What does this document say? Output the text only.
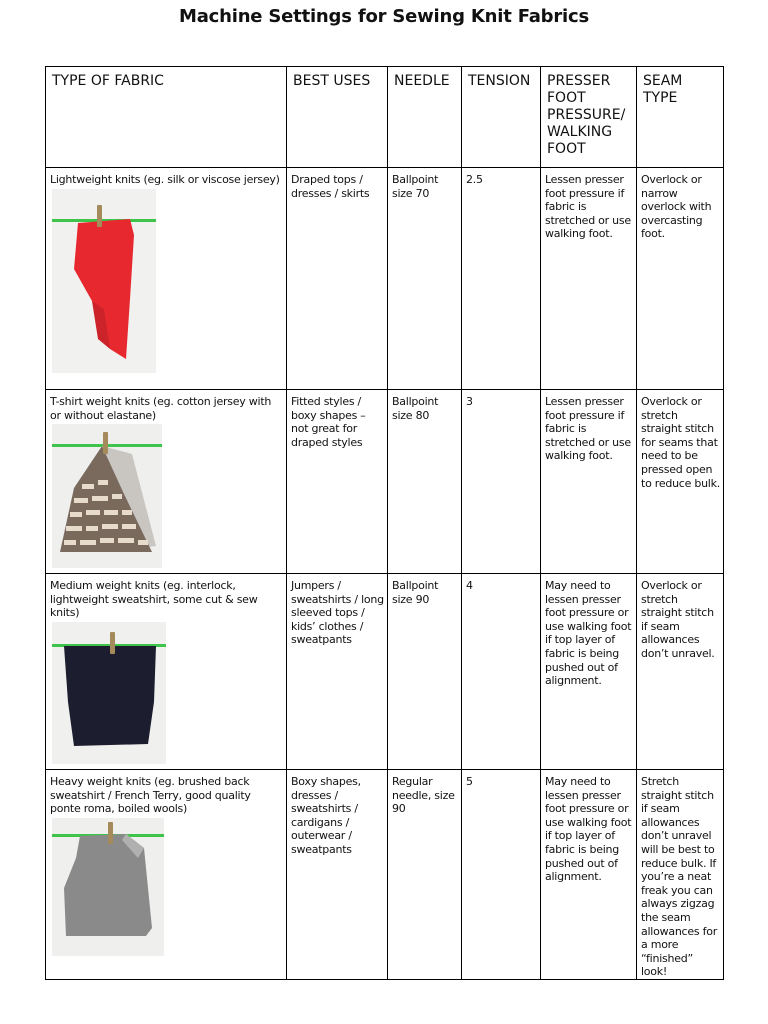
Machine Settings for Sewing Knit Fabrics
TYPE OF FABRIC	BEST USES	NEEDLE	TENSION	PRESSER FOOT PRESSURE/ WALKING FOOT	SEAM TYPE

Lightweight knits (eg. silk or viscose jersey)	Draped tops / dresses / skirts	Ballpoint size 70	2.5	Lessen presser foot pressure if fabric is stretched or use walking foot.	Overlock or narrow overlock with overcasting foot.

T-shirt weight knits (eg. cotton jersey with or without elastane)	Fitted styles / boxy shapes – not great for draped styles	Ballpoint size 80	3	Lessen presser foot pressure if fabric is stretched or use walking foot.	Overlock or stretch straight stitch for seams that need to be pressed open to reduce bulk.

Medium weight knits (eg. interlock, lightweight sweatshirt, some cut & sew knits)	Jumpers / sweatshirts / long sleeved tops / kids’ clothes / sweatpants	Ballpoint size 90	4	May need to lessen presser foot pressure or use walking foot if top layer of fabric is being pushed out of alignment.	Overlock or stretch straight stitch if seam allowances don’t unravel.

Heavy weight knits (eg. brushed back sweatshirt / French Terry, good quality ponte roma, boiled wools)	Boxy shapes, dresses / sweatshirts / cardigans / outerwear / sweatpants	Regular needle, size 90	5	May need to lessen presser foot pressure or use walking foot if top layer of fabric is being pushed out of alignment.	Stretch straight stitch if seam allowances don’t unravel will be best to reduce bulk. If you’re a neat freak you can always zigzag the seam allowances for a more “finished” look!
